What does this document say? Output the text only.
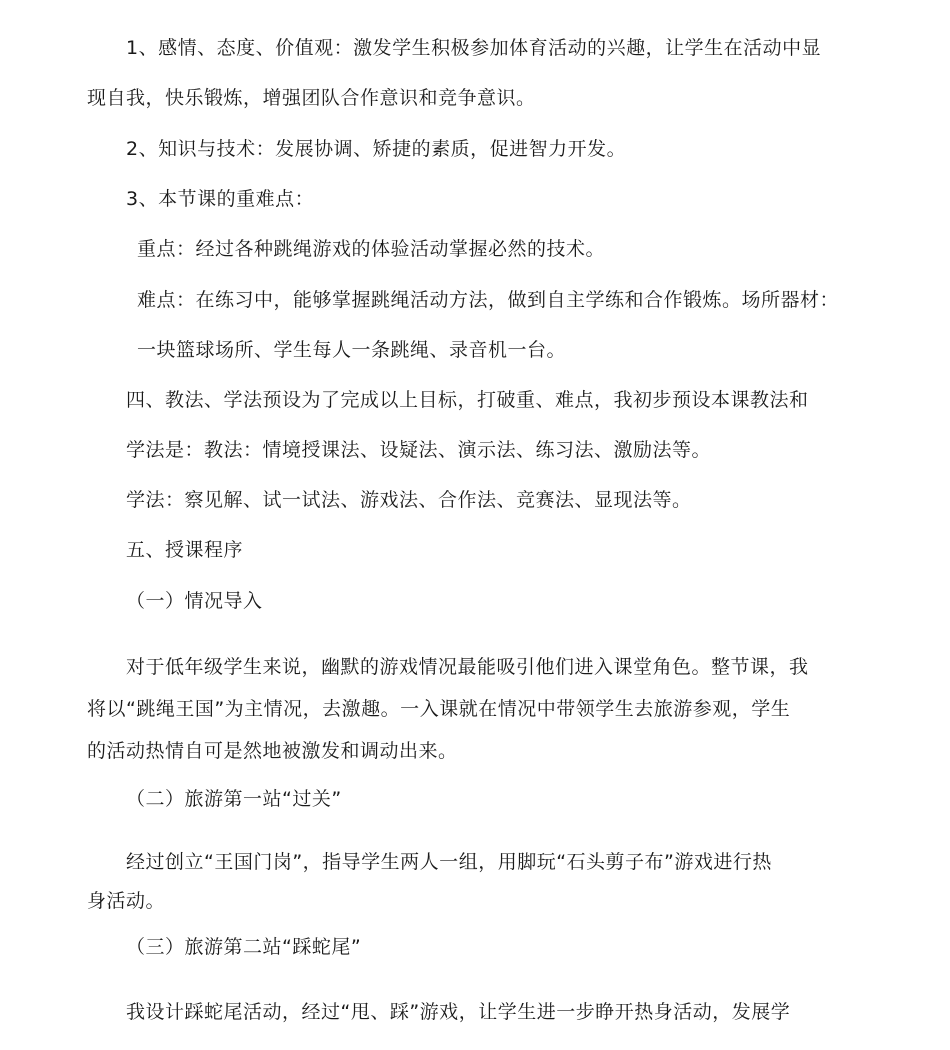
1、感情、态度、价值观：激发学生积极参加体育活动的兴趣，让学生在活动中显
现自我，快乐锻炼，增强团队合作意识和竞争意识。
2、知识与技术：发展协调、矫捷的素质，促进智力开发。
3、本节课的重难点：
重点：经过各种跳绳游戏的体验活动掌握必然的技术。
难点：在练习中，能够掌握跳绳活动方法，做到自主学练和合作锻炼。场所器材：
一块篮球场所、学生每人一条跳绳、录音机一台。
四、教法、学法预设为了完成以上目标，打破重、难点，我初步预设本课教法和
学法是：教法：情境授课法、设疑法、演示法、练习法、激励法等。
学法：察见解、试一试法、游戏法、合作法、竞赛法、显现法等。
五、授课程序
（一）情况导入
对于低年级学生来说，幽默的游戏情况最能吸引他们进入课堂角色。整节课，我
将以“跳绳王国”为主情况，去激趣。一入课就在情况中带领学生去旅游参观，学生
的活动热情自可是然地被激发和调动出来。
（二）旅游第一站“过关”
经过创立“王国门岗”，指导学生两人一组，用脚玩“石头剪子布”游戏进行热
身活动。
（三）旅游第二站“踩蛇尾”
我设计踩蛇尾活动，经过“甩、踩”游戏，让学生进一步睁开热身活动，发展学
